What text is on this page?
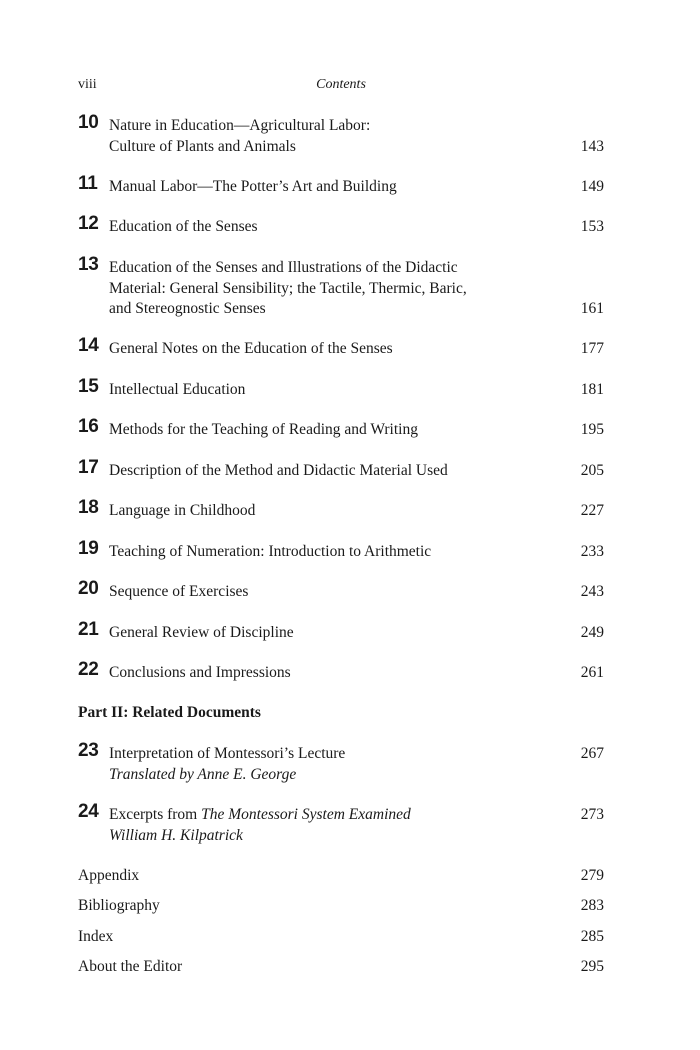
viii	Contents
10 Nature in Education—Agricultural Labor:
Culture of Plants and Animals	143
11 Manual Labor—The Potter’s Art and Building	149
12 Education of the Senses	153
13 Education of the Senses and Illustrations of the Didactic
Material: General Sensibility; the Tactile, Thermic, Baric,
and Stereognostic Senses	161
14 General Notes on the Education of the Senses	177
15 Intellectual Education	181
16 Methods for the Teaching of Reading and Writing	195
17 Description of the Method and Didactic Material Used	205
18 Language in Childhood	227
19 Teaching of Numeration: Introduction to Arithmetic	233
20 Sequence of Exercises	243
21 General Review of Discipline	249
22 Conclusions and Impressions	261
Part II: Related Documents
23 Interpretation of Montessori’s Lecture
Translated by Anne E. George
267
24 Excerpts from The Montessori System Examined
William H. Kilpatrick
273
Appendix	279
Bibliography	283
Index	285
About the Editor	295
